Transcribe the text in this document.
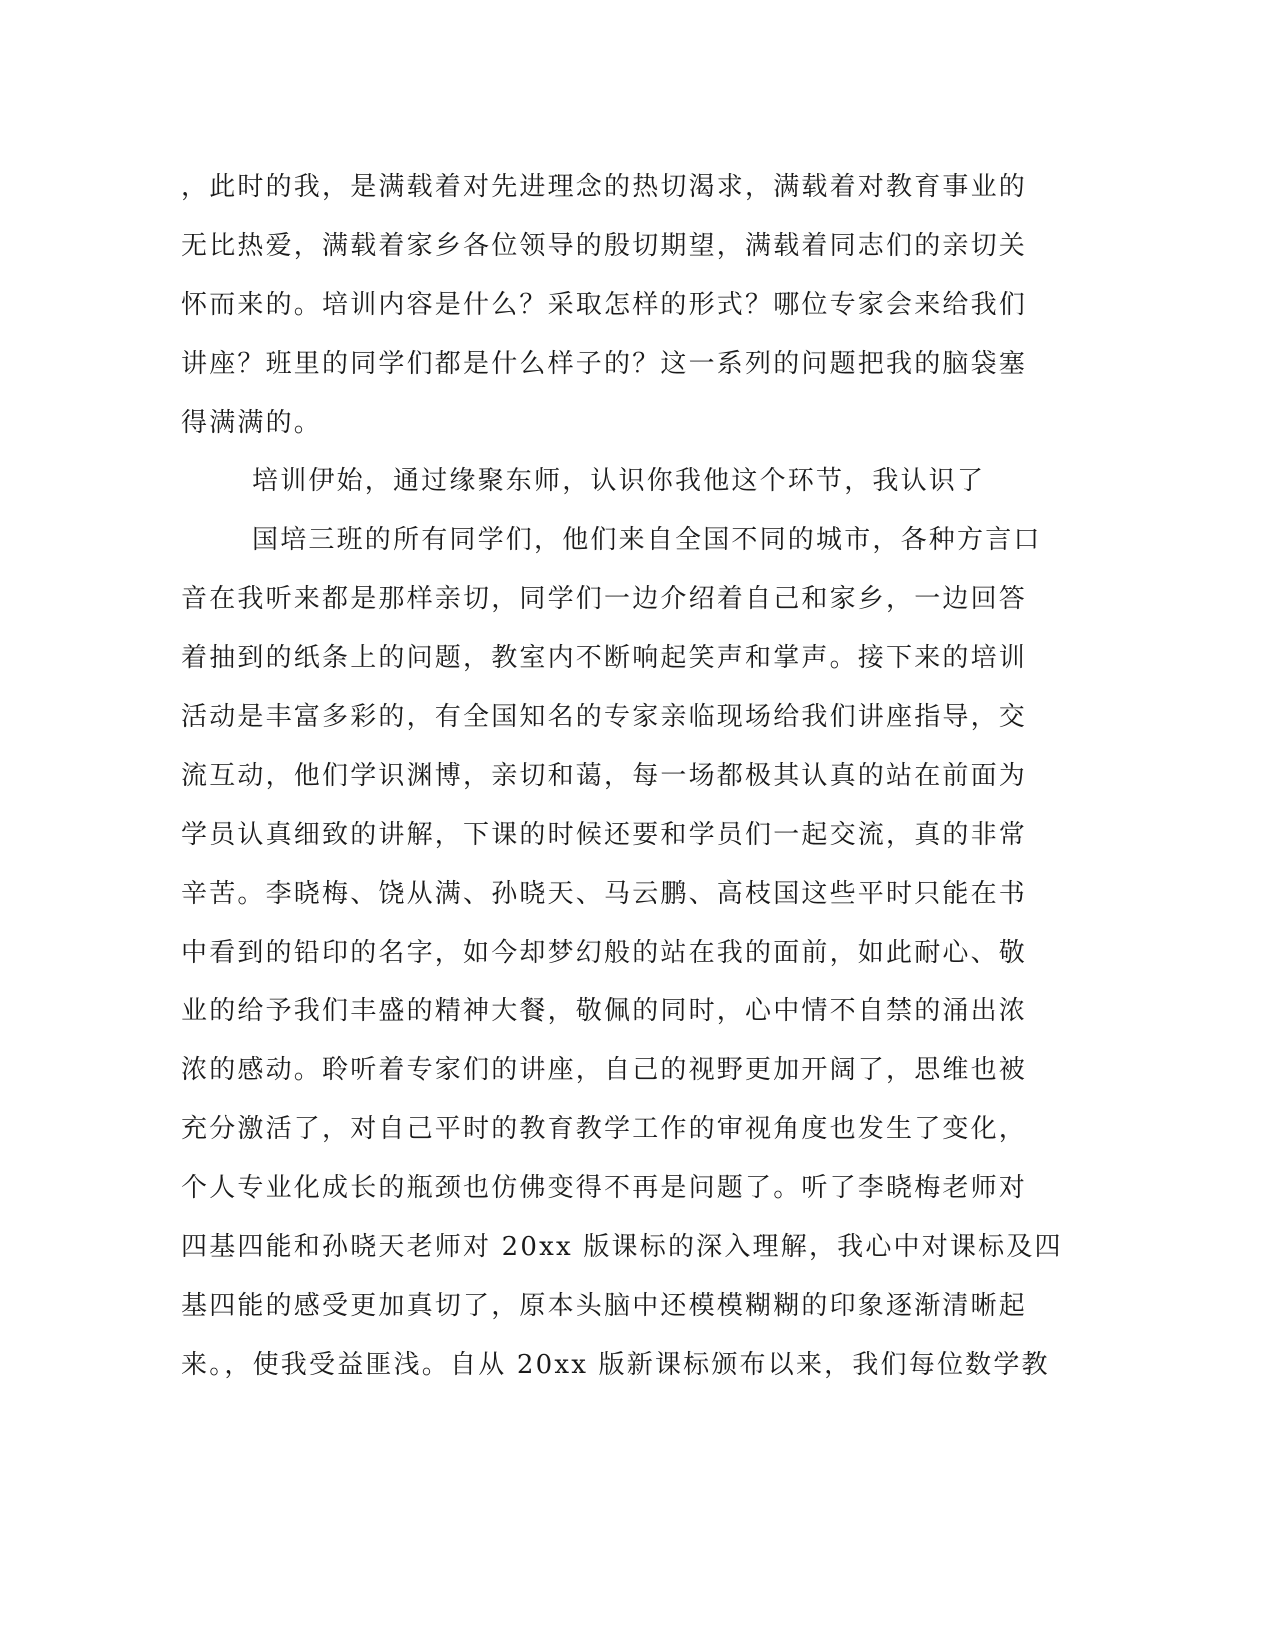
，此时的我，是满载着对先进理念的热切渴求，满载着对教育事业的
无比热爱，满载着家乡各位领导的殷切期望，满载着同志们的亲切关
怀而来的。培训内容是什么？采取怎样的形式？哪位专家会来给我们
讲座？班里的同学们都是什么样子的？这一系列的问题把我的脑袋塞
得满满的。
培训伊始，通过缘聚东师，认识你我他这个环节，我认识了
国培三班的所有同学们，他们来自全国不同的城市，各种方言口
音在我听来都是那样亲切，同学们一边介绍着自己和家乡，一边回答
着抽到的纸条上的问题，教室内不断响起笑声和掌声。接下来的培训
活动是丰富多彩的，有全国知名的专家亲临现场给我们讲座指导，交
流互动，他们学识渊博，亲切和蔼，每一场都极其认真的站在前面为
学员认真细致的讲解，下课的时候还要和学员们一起交流，真的非常
辛苦。李晓梅、饶从满、孙晓天、马云鹏、高枝国这些平时只能在书
中看到的铅印的名字，如今却梦幻般的站在我的面前，如此耐心、敬
业的给予我们丰盛的精神大餐，敬佩的同时，心中情不自禁的涌出浓
浓的感动。聆听着专家们的讲座，自己的视野更加开阔了，思维也被
充分激活了，对自己平时的教育教学工作的审视角度也发生了变化，
个人专业化成长的瓶颈也仿佛变得不再是问题了。听了李晓梅老师对
四基四能和孙晓天老师对 20xx 版课标的深入理解，我心中对课标及四
基四能的感受更加真切了，原本头脑中还模模糊糊的印象逐渐清晰起
来。，使我受益匪浅。自从 20xx 版新课标颁布以来，我们每位数学教
